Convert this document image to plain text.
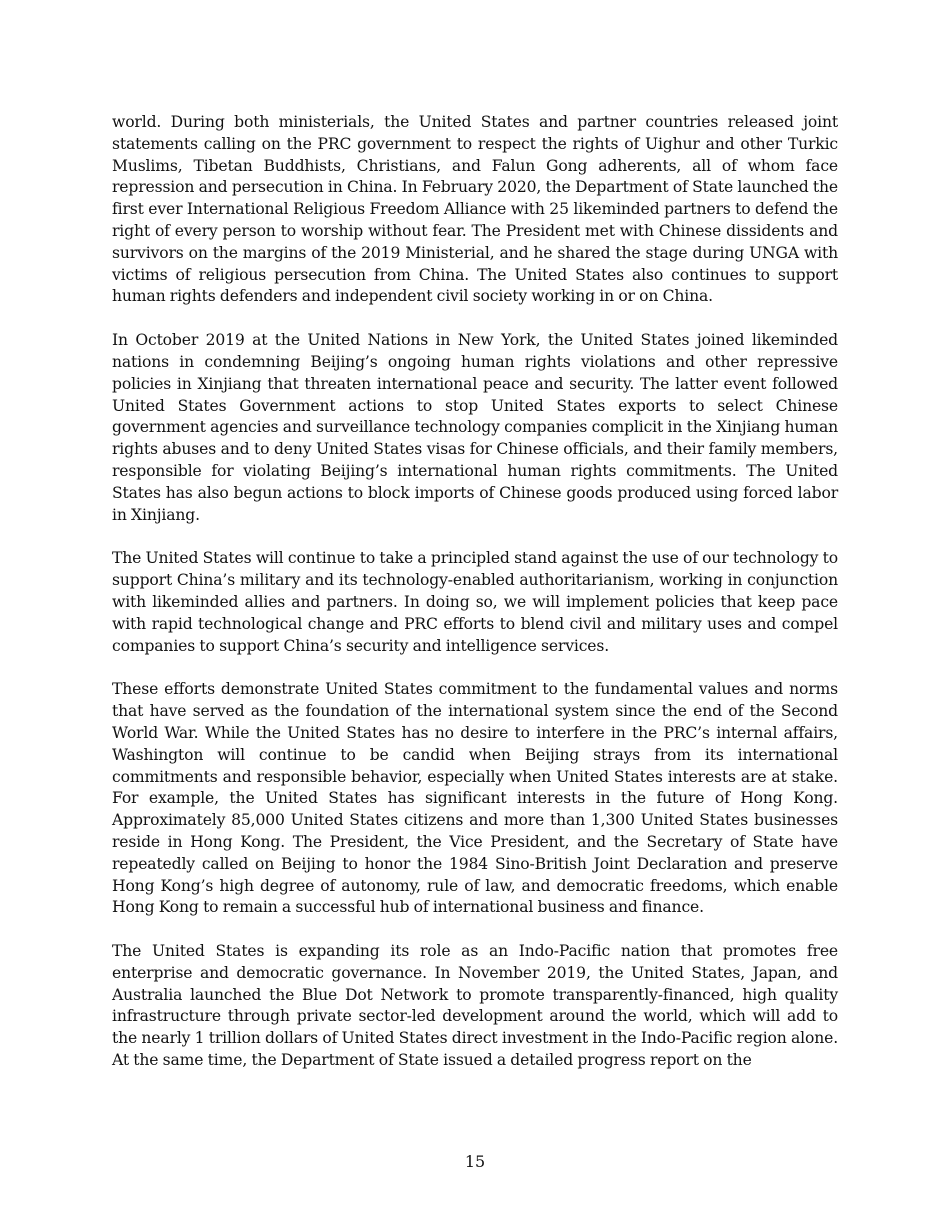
world. During both ministerials, the United States and partner countries released joint statements calling on the PRC government to respect the rights of Uighur and other Turkic Muslims, Tibetan Buddhists, Christians, and Falun Gong adherents, all of whom face repression and persecution in China. In February 2020, the Department of State launched the first ever International Religious Freedom Alliance with 25 likeminded partners to defend the right of every person to worship without fear. The President met with Chinese dissidents and survivors on the margins of the 2019 Ministerial, and he shared the stage during UNGA with victims of religious persecution from China. The United States also continues to support human rights defenders and independent civil society working in or on China.

In October 2019 at the United Nations in New York, the United States joined likeminded nations in condemning Beijing’s ongoing human rights violations and other repressive policies in Xinjiang that threaten international peace and security. The latter event followed United States Government actions to stop United States exports to select Chinese government agencies and surveillance technology companies complicit in the Xinjiang human rights abuses and to deny United States visas for Chinese officials, and their family members, responsible for violating Beijing’s international human rights commitments. The United States has also begun actions to block imports of Chinese goods produced using forced labor in Xinjiang.

The United States will continue to take a principled stand against the use of our technology to support China’s military and its technology-enabled authoritarianism, working in conjunction with likeminded allies and partners. In doing so, we will implement policies that keep pace with rapid technological change and PRC efforts to blend civil and military uses and compel companies to support China’s security and intelligence services.

These efforts demonstrate United States commitment to the fundamental values and norms that have served as the foundation of the international system since the end of the Second World War. While the United States has no desire to interfere in the PRC’s internal affairs, Washington will continue to be candid when Beijing strays from its international commitments and responsible behavior, especially when United States interests are at stake. For example, the United States has significant interests in the future of Hong Kong. Approximately 85,000 United States citizens and more than 1,300 United States businesses reside in Hong Kong. The President, the Vice President, and the Secretary of State have repeatedly called on Beijing to honor the 1984 Sino-British Joint Declaration and preserve Hong Kong’s high degree of autonomy, rule of law, and democratic freedoms, which enable Hong Kong to remain a successful hub of international business and finance.

The United States is expanding its role as an Indo-Pacific nation that promotes free enterprise and democratic governance. In November 2019, the United States, Japan, and Australia launched the Blue Dot Network to promote transparently-financed, high quality infrastructure through private sector-led development around the world, which will add to the nearly 1 trillion dollars of United States direct investment in the Indo-Pacific region alone. At the same time, the Department of State issued a detailed progress report on the

15
